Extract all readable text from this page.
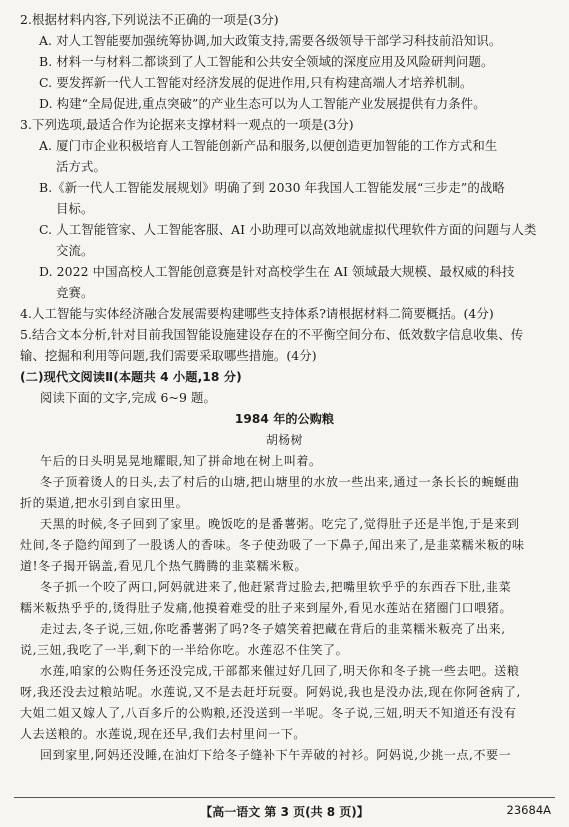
2.根据材料内容,下列说法不正确的一项是(3分)
A. 对人工智能要加强统筹协调,加大政策支持,需要各级领导干部学习科技前沿知识。
B. 材料一与材料二都谈到了人工智能和公共安全领域的深度应用及风险研判问题。
C. 要发挥新一代人工智能对经济发展的促进作用,只有构建高端人才培养机制。
D. 构建“全局促进,重点突破”的产业生态可以为人工智能产业发展提供有力条件。
3.下列选项,最适合作为论据来支撑材料一观点的一项是(3分)
A. 厦门市企业积极培育人工智能创新产品和服务,以便创造更加智能的工作方式和生
活方式。
B.《新一代人工智能发展规划》明确了到 2030 年我国人工智能发展“三步走”的战略
目标。
C. 人工智能管家、人工智能客服、AI 小助理可以高效地就虚拟代理软件方面的问题与人类
交流。
D. 2022 中国高校人工智能创意赛是针对高校学生在 AI 领域最大规模、最权威的科技
竞赛。
4.人工智能与实体经济融合发展需要构建哪些支持体系?请根据材料二简要概括。(4分)
5.结合文本分析,针对目前我国智能设施建设存在的不平衡空间分布、低效数字信息收集、传
输、挖掘和利用等问题,我们需要采取哪些措施。(4分)
(二)现代文阅读Ⅱ(本题共 4 小题,18 分)
阅读下面的文字,完成 6~9 题。
1984 年的公购粮
胡杨树
午后的日头明晃晃地耀眼,知了拼命地在树上叫着。
冬子顶着烫人的日头,去了村后的山塘,把山塘里的水放一些出来,通过一条长长的蜿蜒曲
折的渠道,把水引到自家田里。
天黑的时候,冬子回到了家里。晚饭吃的是番薯粥。吃完了,觉得肚子还是半饱,于是来到
灶间,冬子隐约闻到了一股诱人的香味。冬子使劲吸了一下鼻子,闻出来了,是韭菜糯米粄的味
道!冬子揭开锅盖,看见几个热气腾腾的韭菜糯米粄。
冬子抓一个咬了两口,阿妈就进来了,他赶紧背过脸去,把嘴里软乎乎的东西吞下肚,韭菜
糯米粄热乎乎的,烫得肚子发痛,他摸着难受的肚子来到屋外,看见水莲站在猪圈门口喂猪。
走过去,冬子说,三妞,你吃番薯粥了吗?冬子嬉笑着把藏在背后的韭菜糯米粄亮了出来,
说,三妞,我吃了一半,剩下的一半给你吃。水莲忍不住笑了。
水莲,咱家的公购任务还没完成,干部都来催过好几回了,明天你和冬子挑一些去吧。送粮
呀,我还没去过粮站呢。水莲说,又不是去赶圩玩耍。阿妈说,我也是没办法,现在你阿爸病了,
大姐二姐又嫁人了,八百多斤的公购粮,还没送到一半呢。冬子说,三妞,明天不知道还有没有
人去送粮的。水莲说,现在还早,我们去村里问一下。
回到家里,阿妈还没睡,在油灯下给冬子缝补下午弄破的衬衫。阿妈说,少挑一点,不要一
【高一语文 第 3 页(共 8 页)】	23684A
